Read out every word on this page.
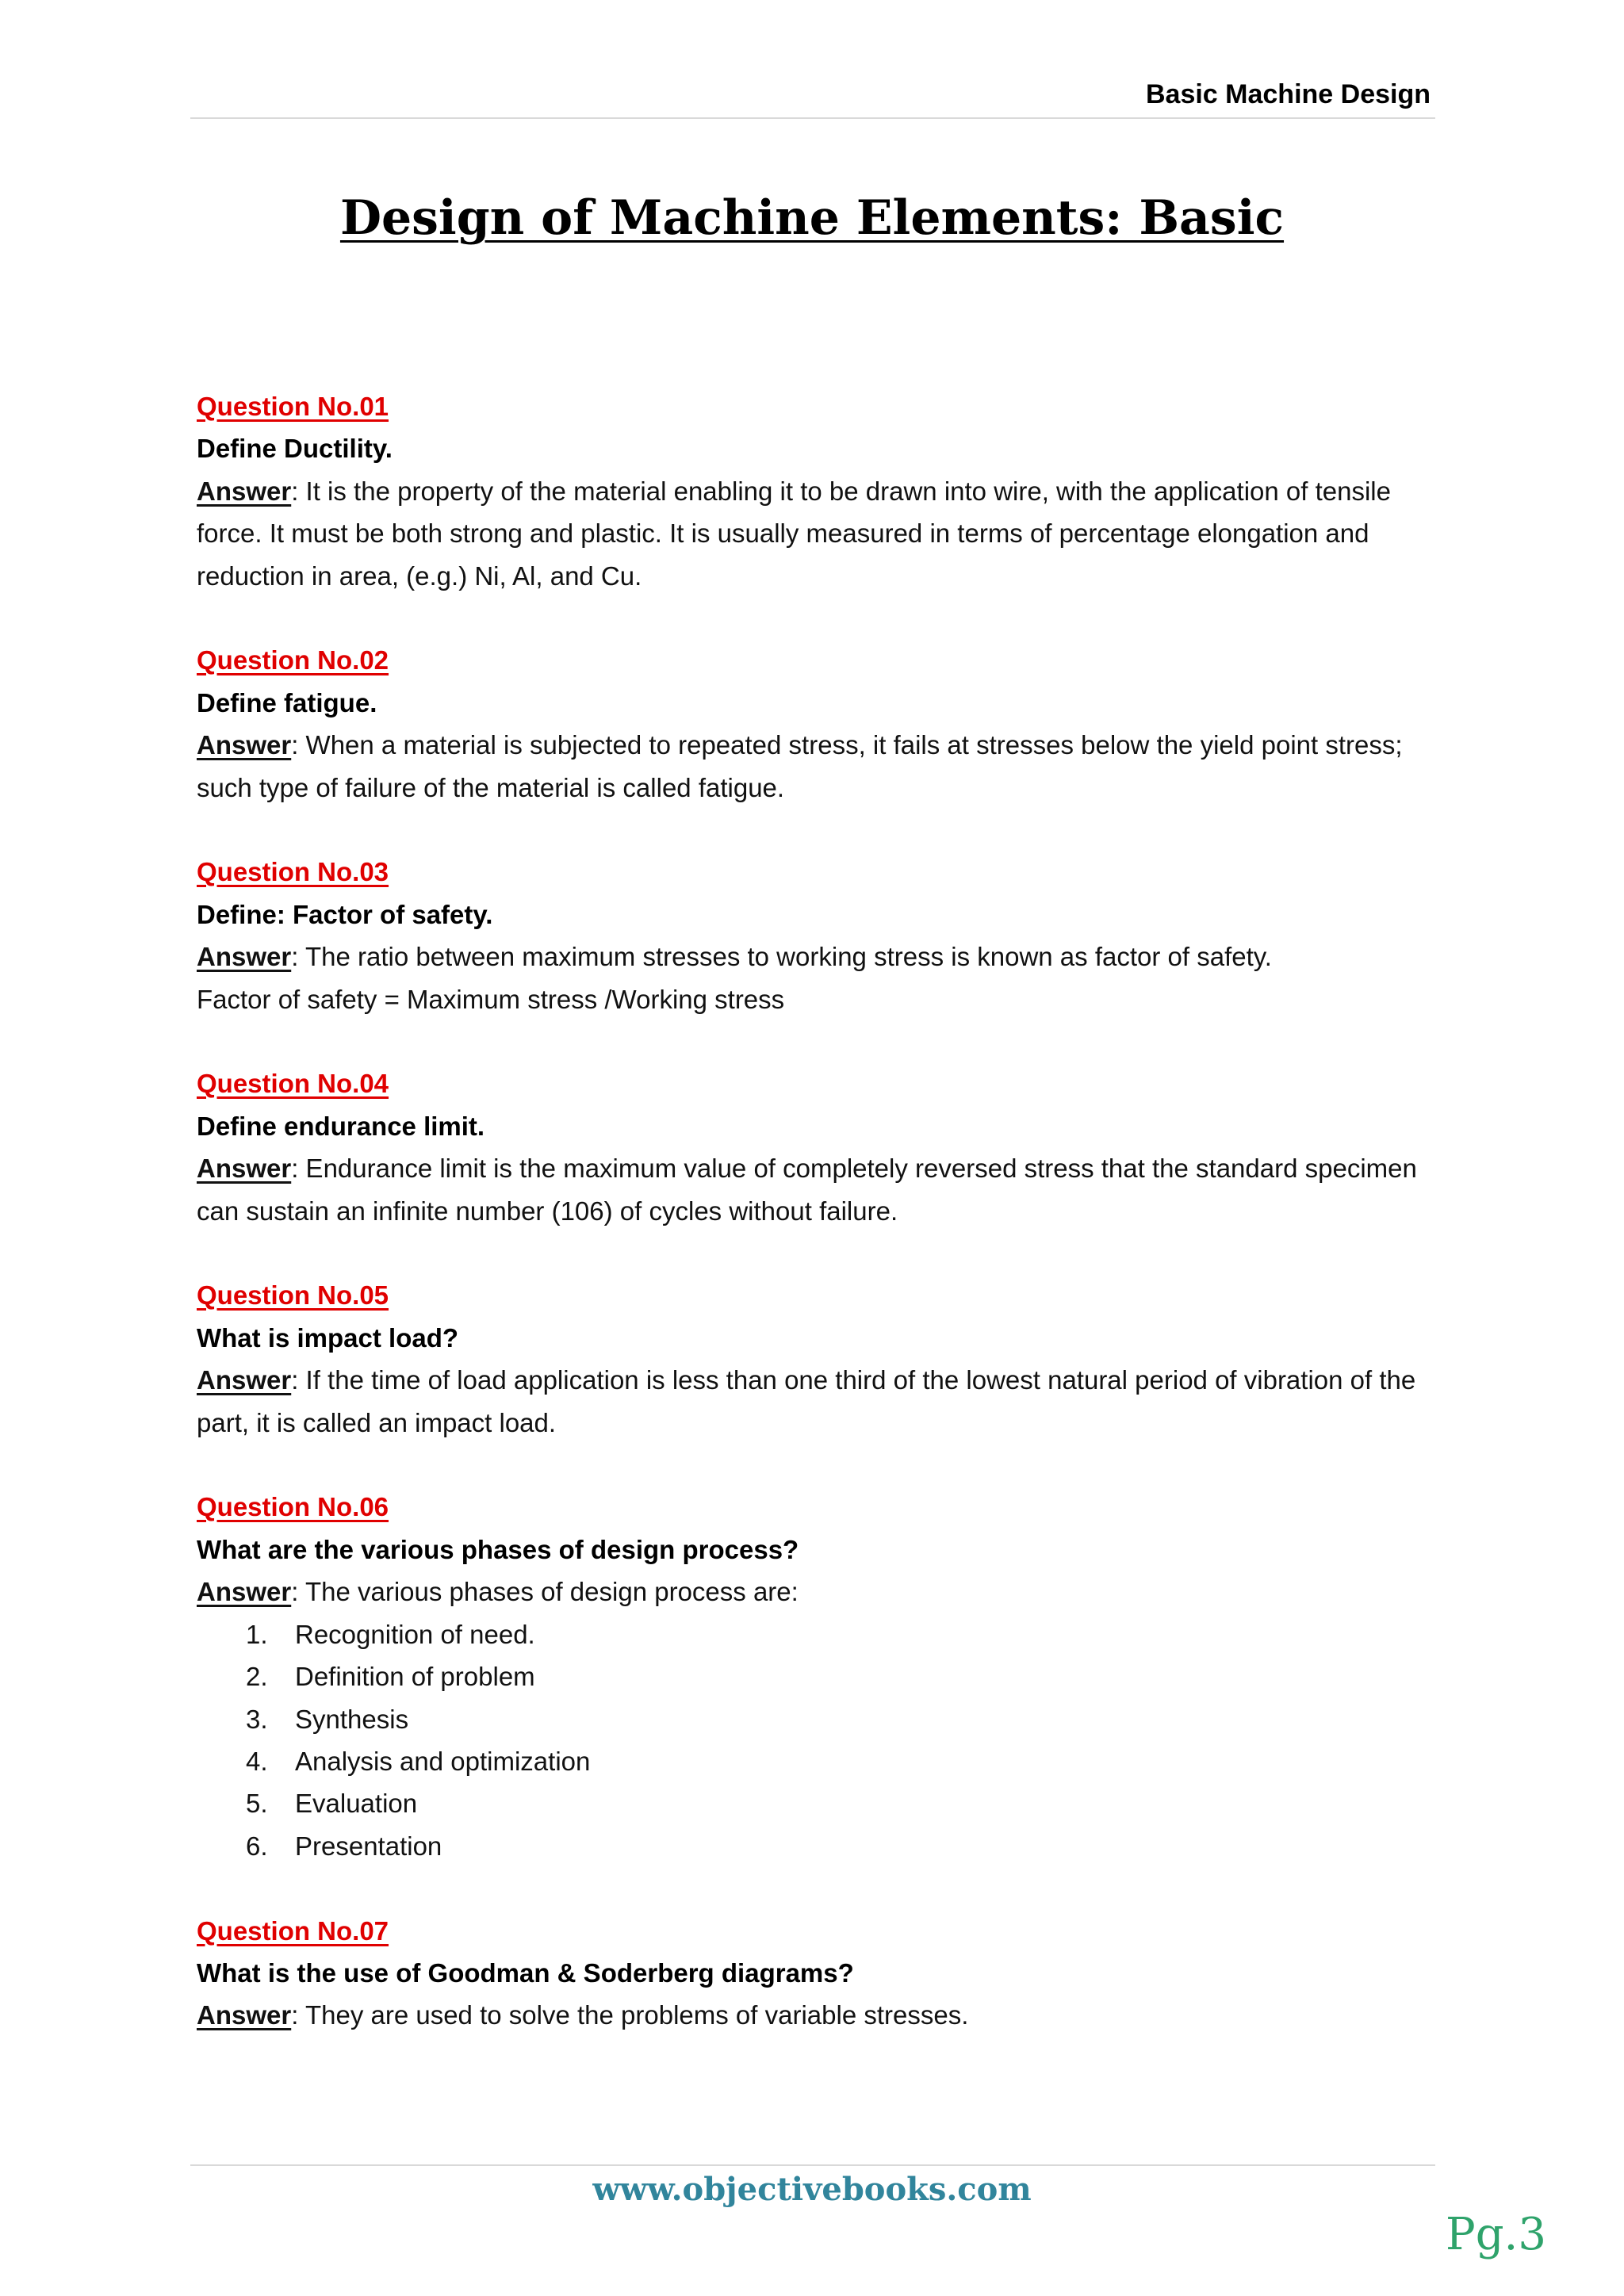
Basic Machine Design
Design of Machine Elements: Basic
Question No.01
Define Ductility.

Answer: It is the property of the material enabling it to be drawn into wire, with the application of tensile force. It must be both strong and plastic. It is usually measured in terms of percentage elongation and reduction in area, (e.g.) Ni, Al, and Cu.

Question No.02
Define fatigue.

Answer: When a material is subjected to repeated stress, it fails at stresses below the yield point stress; such type of failure of the material is called fatigue.

Question No.03
Define: Factor of safety.

Answer: The ratio between maximum stresses to working stress is known as factor of safety.

Factor of safety = Maximum stress /Working stress

Question No.04
Define endurance limit.

Answer: Endurance limit is the maximum value of completely reversed stress that the standard specimen can sustain an infinite number (106) of cycles without failure.

Question No.05
What is impact load?

Answer: If the time of load application is less than one third of the lowest natural period of vibration of the part, it is called an impact load.

Question No.06
What are the various phases of design process?

Answer: The various phases of design process are:

1. Recognition of need.
2. Definition of problem
3. Synthesis
4. Analysis and optimization
5. Evaluation
6. Presentation
Question No.07
What is the use of Goodman & Soderberg diagrams?

Answer: They are used to solve the problems of variable stresses.

www.objectivebooks.com
Pg.3
